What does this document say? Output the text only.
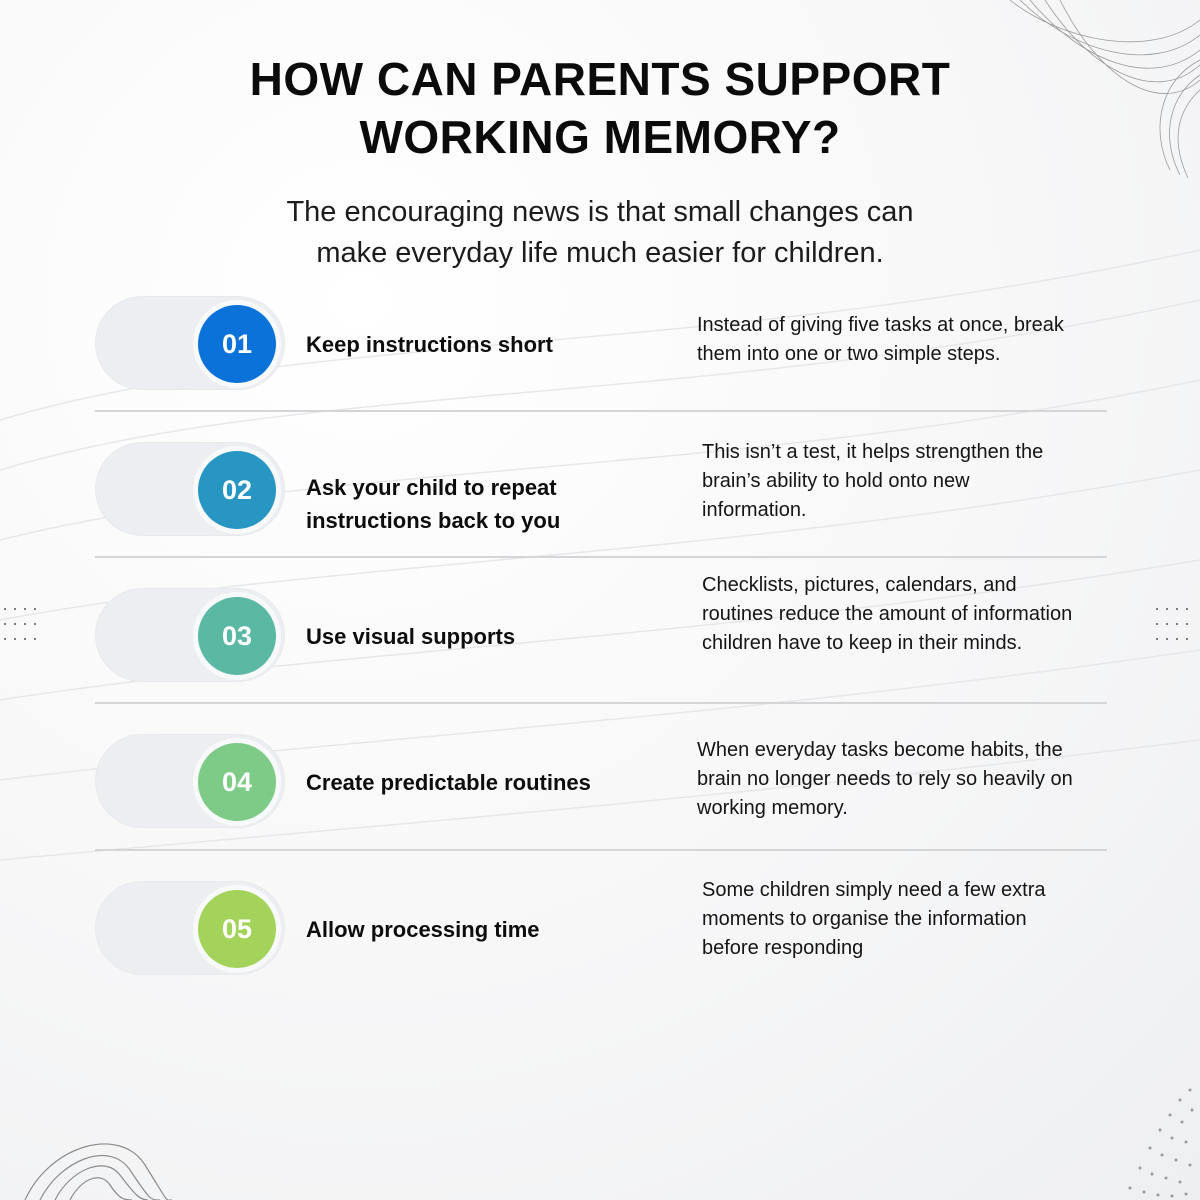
HOW CAN PARENTS SUPPORT
WORKING MEMORY?

The encouraging news is that small changes can
make everyday life much easier for children.

01	Keep instructions short
Instead of giving five tasks at once, break them into one or two simple steps.
02	Ask your child to repeat instructions back to you
This isn’t a test, it helps strengthen the brain’s ability to hold onto new information.
03	Use visual supports
Checklists, pictures, calendars, and routines reduce the amount of information children have to keep in their minds.
04	Create predictable routines
When everyday tasks become habits, the brain no longer needs to rely so heavily on working memory.
05	Allow processing time
Some children simply need a few extra moments to organise the information before responding
